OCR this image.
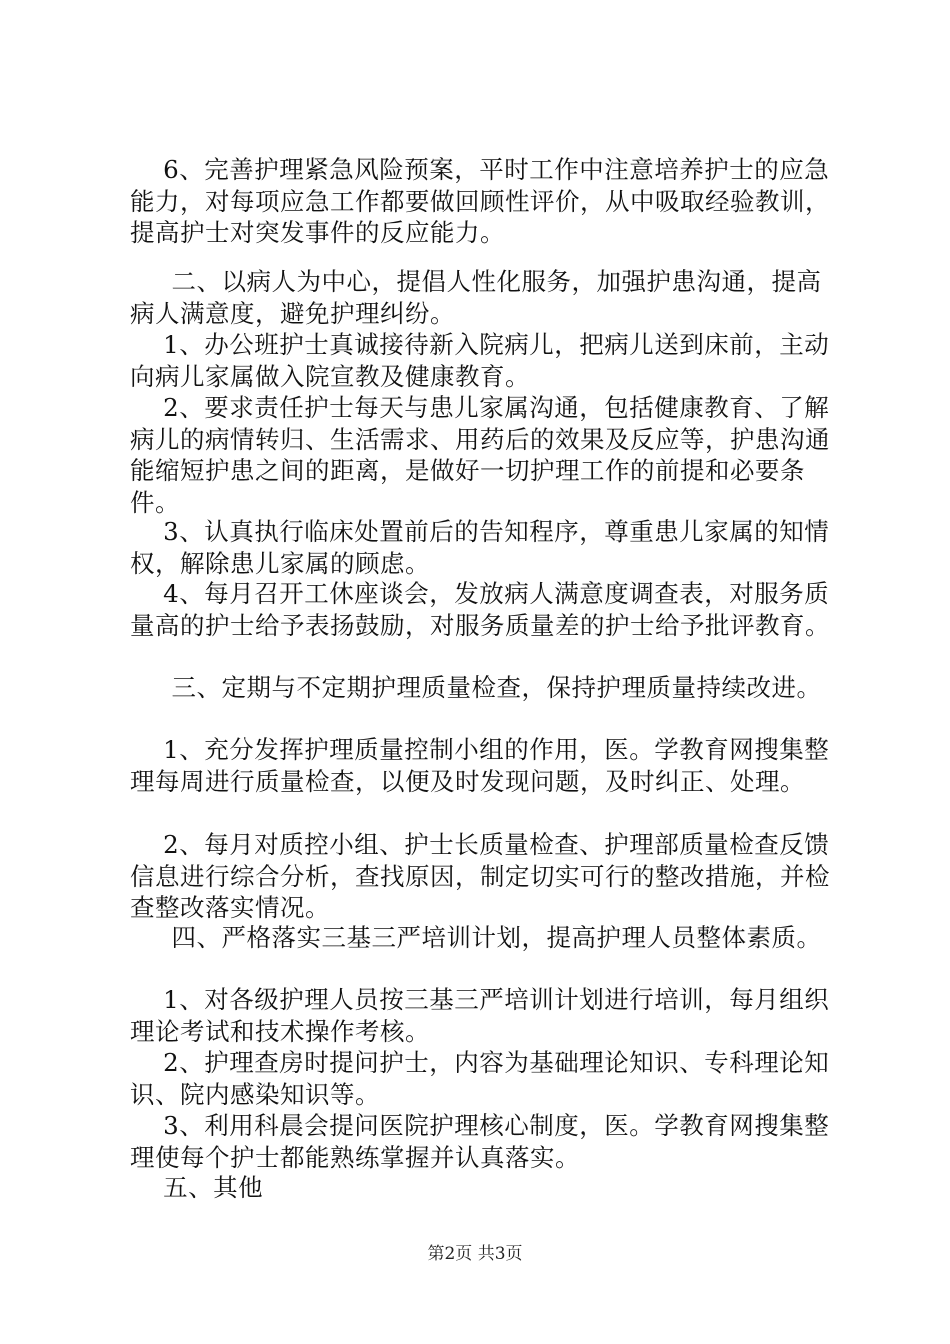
6、完善护理紧急风险预案，平时工作中注意培养护士的应急能力，对每项应急工作都要做回顾性评价，从中吸取经验教训，提高护士对突发事件的反应能力。

二、以病人为中心，提倡人性化服务，加强护患沟通，提高病人满意度，避免护理纠纷。

1、办公班护士真诚接待新入院病儿，把病儿送到床前，主动向病儿家属做入院宣教及健康教育。

2、要求责任护士每天与患儿家属沟通，包括健康教育、了解病儿的病情转归、生活需求、用药后的效果及反应等，护患沟通能缩短护患之间的距离，是做好一切护理工作的前提和必要条件。

3、认真执行临床处置前后的告知程序，尊重患儿家属的知情权，解除患儿家属的顾虑。

4、每月召开工休座谈会，发放病人满意度调查表，对服务质量高的护士给予表扬鼓励，对服务质量差的护士给予批评教育。

三、定期与不定期护理质量检查，保持护理质量持续改进。

1、充分发挥护理质量控制小组的作用，医。学教育网搜集整理每周进行质量检查，以便及时发现问题，及时纠正、处理。

2、每月对质控小组、护士长质量检查、护理部质量检查反馈信息进行综合分析，查找原因，制定切实可行的整改措施，并检查整改落实情况。

四、严格落实三基三严培训计划，提高护理人员整体素质。

1、对各级护理人员按三基三严培训计划进行培训，每月组织理论考试和技术操作考核。

2、护理查房时提问护士，内容为基础理论知识、专科理论知识、院内感染知识等。

3、利用科晨会提问医院护理核心制度，医。学教育网搜集整理使每个护士都能熟练掌握并认真落实。

五、其他

第2页 共3页
